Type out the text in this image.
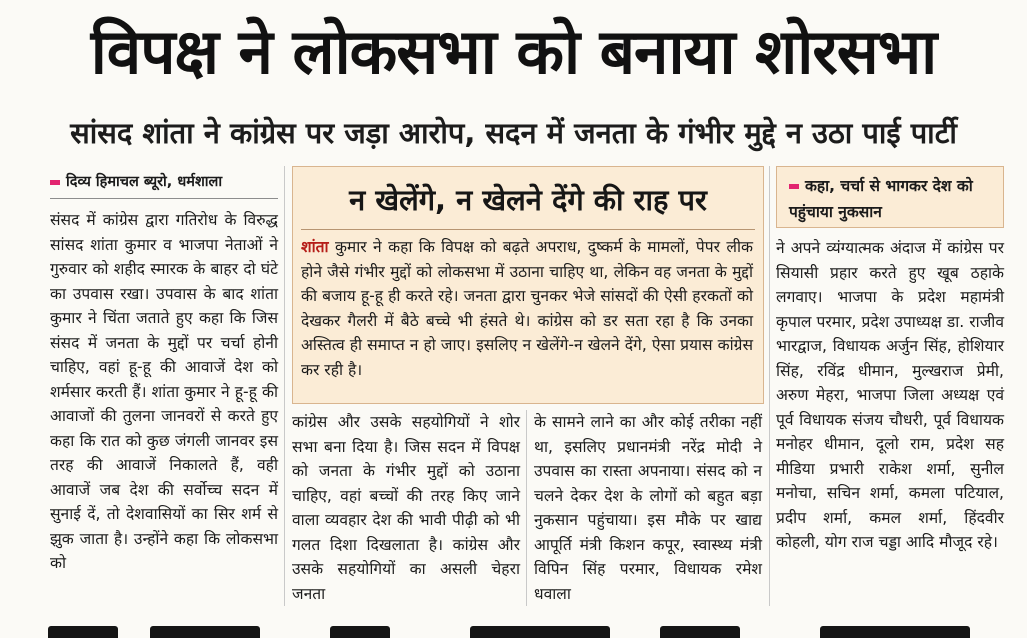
विपक्ष ने लोकसभा को बनाया शोरसभा
सांसद शांता ने कांग्रेस पर जड़ा आरोप, सदन में जनता के गंभीर मुद्दे न उठा पाई पार्टी
दिव्य हिमाचल ब्यूरो, धर्मशाला

संसद में कांग्रेस द्वारा गतिरोध के विरुद्ध सांसद शांता कुमार व भाजपा नेताओं ने गुरुवार को शहीद स्मारक के बाहर दो घंटे का उपवास रखा। उपवास के बाद शांता कुमार ने चिंता जताते हुए कहा कि जिस संसद में जनता के मुद्दों पर चर्चा होनी चाहिए, वहां हू-हू की आवाजें देश को शर्मसार करती हैं। शांता कुमार ने हू-हू की आवाजों की तुलना जानवरों से करते हुए कहा कि रात को कुछ जंगली जानवर इस तरह की आवाजें निकालते हैं, वही आवाजें जब देश की सर्वोच्च सदन में सुनाई दें, तो देशवासियों का सिर शर्म से झुक जाता है। उन्होंने कहा कि लोकसभा को

न खेलेंगे, न खेलने देंगे की राह पर
शांता कुमार ने कहा कि विपक्ष को बढ़ते अपराध, दुष्कर्म के मामलों, पेपर लीक होने जैसे गंभीर मुद्दों को लोकसभा में उठाना चाहिए था, लेकिन वह जनता के मुद्दों की बजाय हू-हू ही करते रहे। जनता द्वारा चुनकर भेजे सांसदों की ऐसी हरकतों को देखकर गैलरी में बैठे बच्चे भी हंसते थे। कांग्रेस को डर सता रहा है कि उनका अस्तित्व ही समाप्त न हो जाए। इसलिए न खेलेंगे-न खेलने देंगे, ऐसा प्रयास कांग्रेस कर रही है।

कांग्रेस और उसके सहयोगियों ने शोर सभा बना दिया है। जिस सदन में विपक्ष को जनता के गंभीर मुद्दों को उठाना चाहिए, वहां बच्चों की तरह किए जाने वाला व्यवहार देश की भावी पीढ़ी को भी गलत दिशा दिखलाता है। कांग्रेस और उसके सहयोगियों का असली चेहरा जनता

के सामने लाने का और कोई तरीका नहीं था, इसलिए प्रधानमंत्री नरेंद्र मोदी ने उपवास का रास्ता अपनाया। संसद को न चलने देकर देश के लोगों को बहुत बड़ा नुकसान पहुंचाया। इस मौके पर खाद्य आपूर्ति मंत्री किशन कपूर, स्वास्थ्य मंत्री विपिन सिंह परमार, विधायक रमेश धवाला

कहा, चर्चा से भागकर देश को पहुंचाया नुकसान

ने अपने व्यंग्यात्मक अंदाज में कांग्रेस पर सियासी प्रहार करते हुए खूब ठहाके लगवाए। भाजपा के प्रदेश महामंत्री कृपाल परमार, प्रदेश उपाध्यक्ष डा. राजीव भारद्वाज, विधायक अर्जुन सिंह, होशियार सिंह, रविंद्र धीमान, मुल्खराज प्रेमी, अरुण मेहरा, भाजपा जिला अध्यक्ष एवं पूर्व विधायक संजय चौधरी, पूर्व विधायक मनोहर धीमान, दूलो राम, प्रदेश सह मीडिया प्रभारी राकेश शर्मा, सुनील मनोचा, सचिन शर्मा, कमला पटियाल, प्रदीप शर्मा, कमल शर्मा, हिंदवीर कोहली, योग राज चड्डा आदि मौजूद रहे।
